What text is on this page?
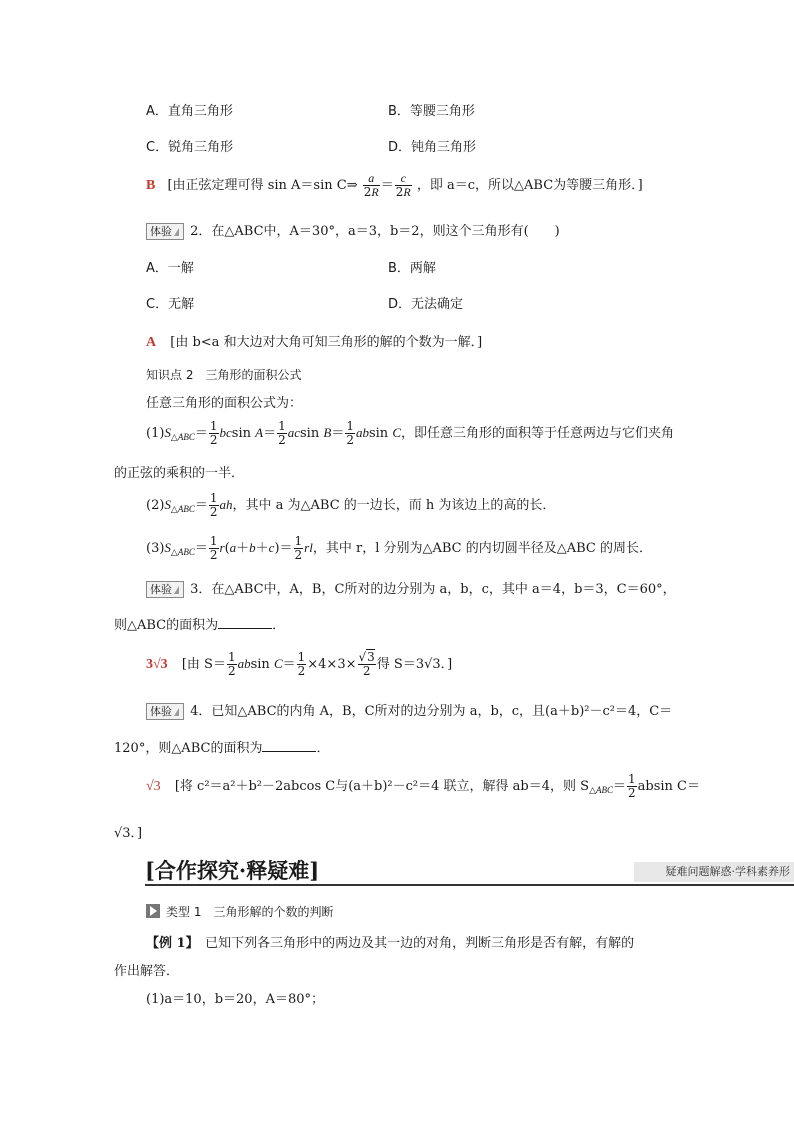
A．直角三角形	B．等腰三角形
C．锐角三角形	D．钝角三角形
B [由正弦定理可得 sin A＝sin C⇒ $\frac{a}{2R} = \frac{c}{2R}$ ，即 a＝c，所以△ABC为等腰三角形．]
体验 2．在△ABC中，A＝30°，a＝3，b＝2，则这个三角形有(　　)
A．一解	B．两解
C．无解	D．无法确定
A [由 b<a 和大边对大角可知三角形的解的个数为一解．]
知识点 2　三角形的面积公式
任意三角形的面积公式为：
$(1)S_{\triangle ABC}= \frac{1}{2}$ bcsin $A= \frac{1}{2}$ acsin $B= \frac{1}{2}$ absin C，即任意三角形的面积等于任意两边与它们夹角
的正弦的乘积的一半．
$(2)S_{\triangle ABC}= \frac{1}{2}$ ah，其中 a 为△ABC 的一边长，而 h 为该边上的高的长．
$(3)S_{\triangle ABC}= \frac{1}{2} r(a+b+c)= \frac{1}{2}$ rl，其中 r，l 分别为△ABC 的内切圆半径及△ABC 的周长．
体验 3．在△ABC中，A，B，C所对的边分别为 a，b，c，其中 a＝4，b＝3，C＝60°，
则△ABC的面积为	．
3√3 [由 $S= \frac{1}{2}$ absin $C= \frac{1}{2} \times 4\times 3\times \frac{√3}{2}$ 得 S＝3√3．]
体验 4．已知△ABC的内角 A，B，C所对的边分别为 a，b，c，且(a＋b)²－c²＝4，C＝
120°，则△ABC的面积为	．
√3 [将 c²＝a²＋b²－2abcos C与(a＋b)²－c²＝4 联立，解得 ab＝4，则 $S_{\triangle ABC}= \frac{1}{2}$ absin C＝
√3．]
[合作探究·释疑难]	疑难问题解惑·学科素养形
类型 1　三角形解的个数的判断
【例 1】　已知下列各三角形中的两边及其一边的对角，判断三角形是否有解，有解的
作出解答．
(1)a＝10，b＝20，A＝80°；
